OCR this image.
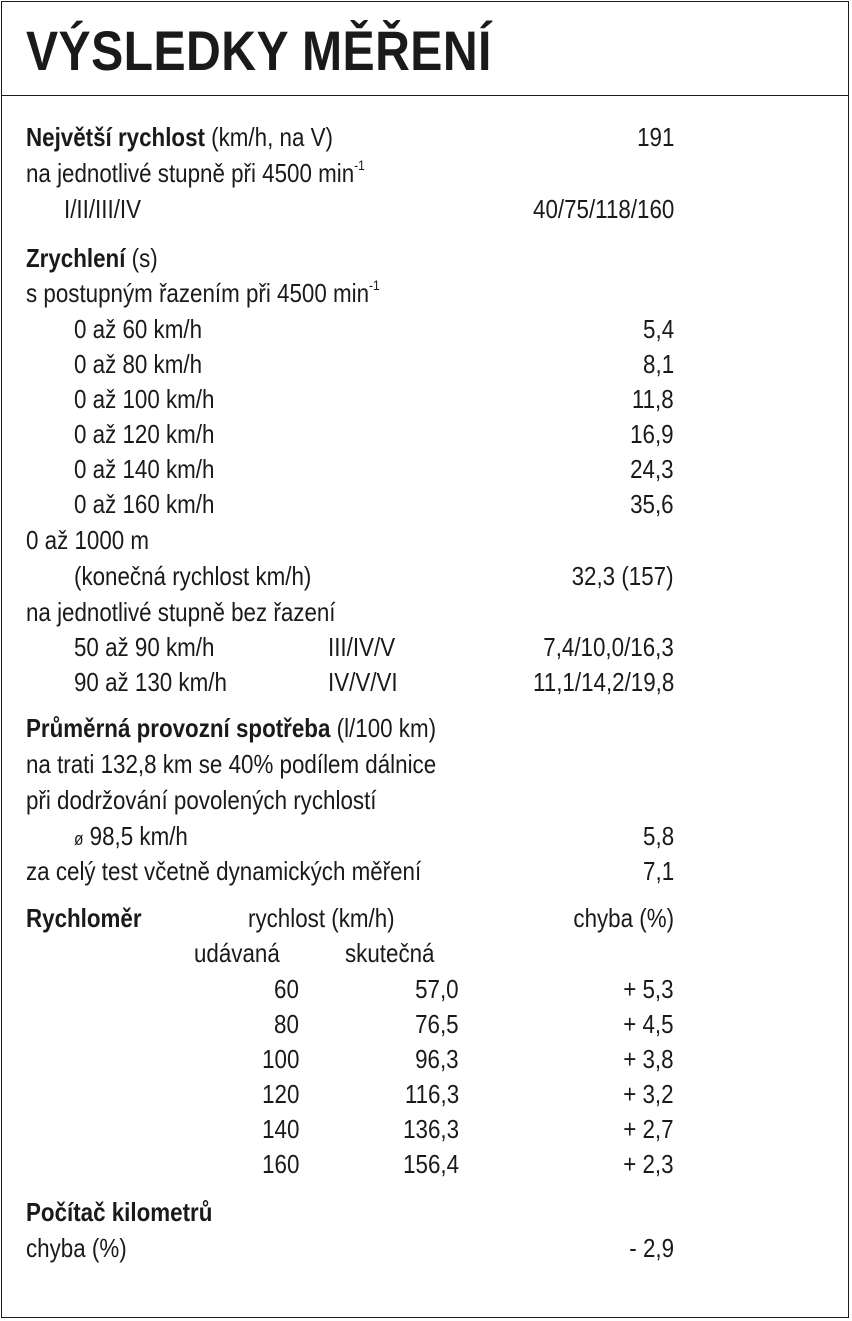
VÝSLEDKY MĚŘENÍ
Největší rychlost (km/h, na V)	191
na jednotlivé stupně při 4500 $\min^{-1}$
I/II/III/IV	40/75/118/160
Zrychlení (s)
s postupným řazením při 4500 $\min^{-1}$
0 až 60 km/h	5,4
0 až 80 km/h	8,1
0 až 100 km/h	11,8
0 až 120 km/h	16,9
0 až 140 km/h	24,3
0 až 160 km/h	35,6
0 až 1000 m
(konečná rychlost km/h)	32,3 (157)
na jednotlivé stupně bez řazení
50 až 90 km/h	III/IV/V	7,4/10,0/16,3
90 až 130 km/h	IV/V/VI	11,1/14,2/19,8
Průměrná provozní spotřeba (l/100 km)
na trati 132,8 km se 40% podílem dálnice
při dodržování povolených rychlostí
ø 98,5 km/h	5,8
za celý test včetně dynamických měření	7,1
Rychloměr	rychlost (km/h)	chyba (%)
udávaná	skutečná
60	57,0	+ 5,3
80	76,5	+ 4,5
100	96,3	+ 3,8
120	116,3	+ 3,2
140	136,3	+ 2,7
160	156,4	+ 2,3
Počítač kilometrů
chyba (%)	- 2,9
